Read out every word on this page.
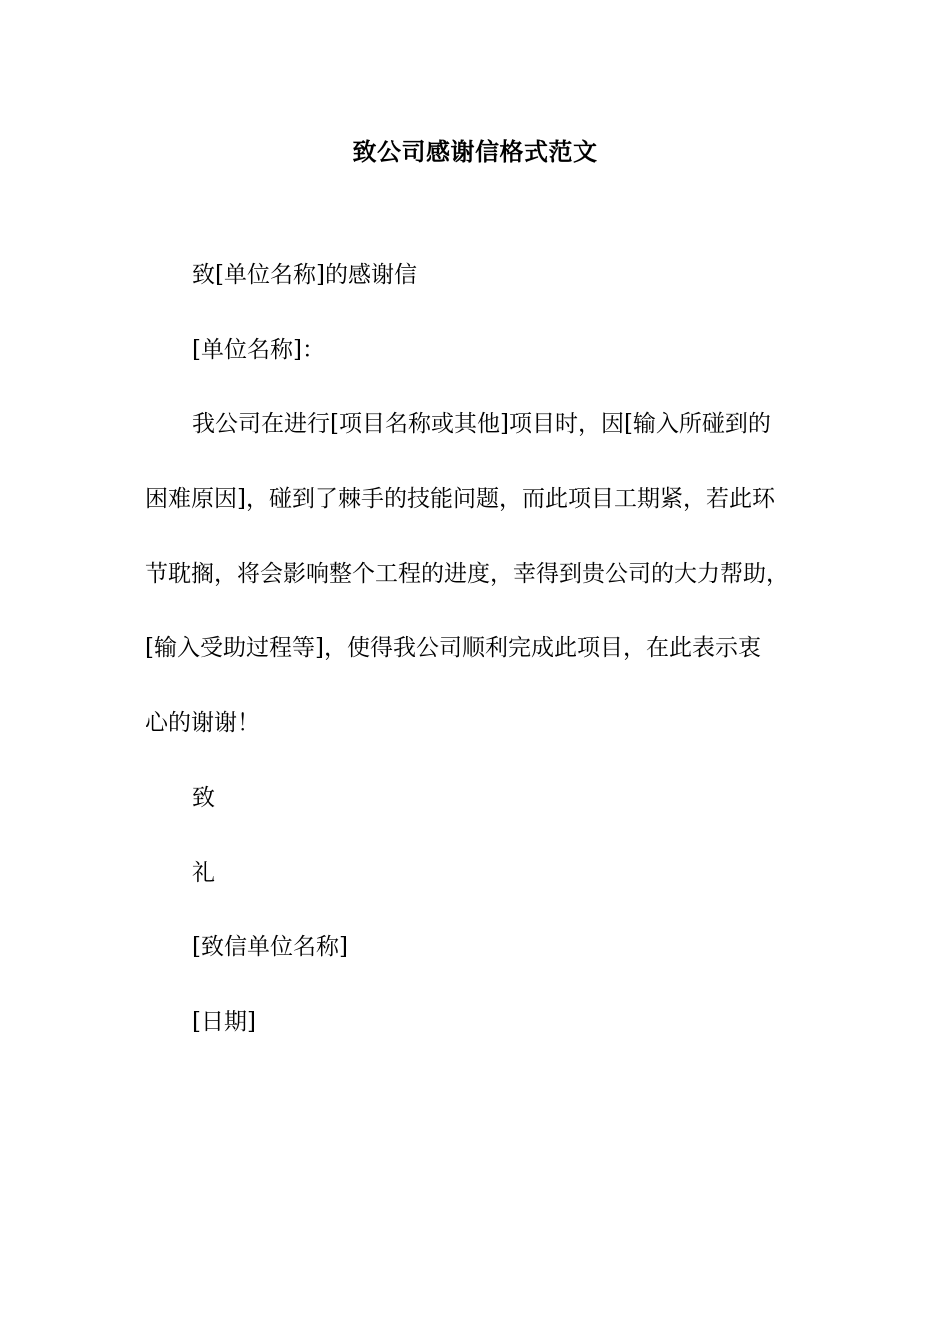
致公司感谢信格式范文
致[单位名称]的感谢信
[单位名称]：
我公司在进行[项目名称或其他]项目时，因[输入所碰到的
困难原因]，碰到了棘手的技能问题，而此项目工期紧，若此环
节耽搁，将会影响整个工程的进度，幸得到贵公司的大力帮助，
[输入受助过程等]，使得我公司顺利完成此项目，在此表示衷
心的谢谢！
致
礼
[致信单位名称]
[日期]
